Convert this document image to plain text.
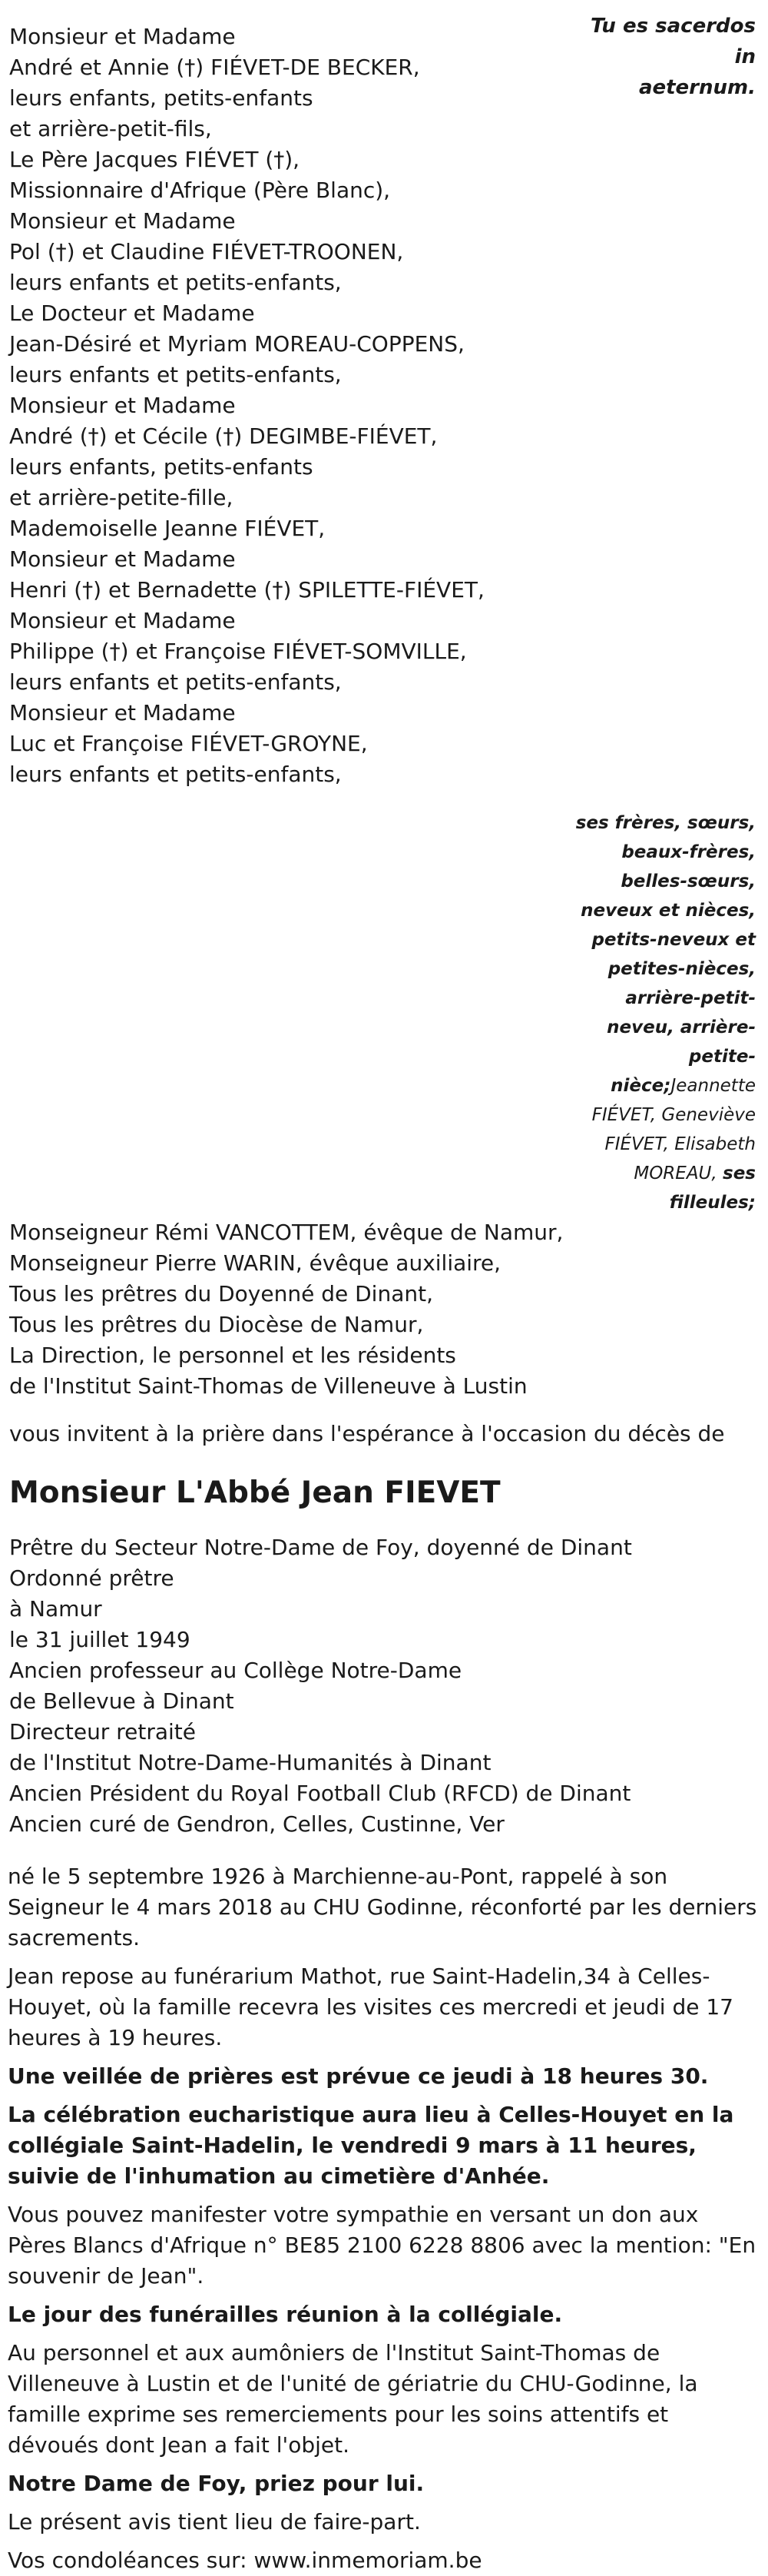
Tu es sacerdos in
aeternum.
Monsieur et Madame
André et Annie (†) FIÉVET-DE BECKER,
leurs enfants, petits-enfants
et arrière-petit-fils,
Le Père Jacques FIÉVET (†),
Missionnaire d'Afrique (Père Blanc),
Monsieur et Madame
Pol (†) et Claudine FIÉVET-TROONEN,
leurs enfants et petits-enfants,
Le Docteur et Madame
Jean-Désiré et Myriam MOREAU-COPPENS,
leurs enfants et petits-enfants,
Monsieur et Madame
André (†) et Cécile (†) DEGIMBE-FIÉVET,
leurs enfants, petits-enfants
et arrière-petite-fille,
Mademoiselle Jeanne FIÉVET,
Monsieur et Madame
Henri (†) et Bernadette (†) SPILETTE-FIÉVET,
Monsieur et Madame
Philippe (†) et Françoise FIÉVET-SOMVILLE,
leurs enfants et petits-enfants,
Monsieur et Madame
Luc et Françoise FIÉVET-GROYNE,
leurs enfants et petits-enfants,
ses frères, sœurs, beaux-frères, belles-sœurs, neveux et nièces, petits-neveux et petites-nièces, arrière-petit-neveu, arrière-petite-nièce;Jeannette FIÉVET, Geneviève FIÉVET, Elisabeth MOREAU, ses filleules;
Monseigneur Rémi VANCOTTEM, évêque de Namur,
Monseigneur Pierre WARIN, évêque auxiliaire,
Tous les prêtres du Doyenné de Dinant,
Tous les prêtres du Diocèse de Namur,
La Direction, le personnel et les résidents
de l'Institut Saint-Thomas de Villeneuve à Lustin
vous invitent à la prière dans l'espérance à l'occasion du décès de
Monsieur L'Abbé Jean FIEVET
Prêtre du Secteur Notre-Dame de Foy, doyenné de Dinant
Ordonné prêtre
à Namur
le 31 juillet 1949
Ancien professeur au Collège Notre-Dame
de Bellevue à Dinant
Directeur retraité
de l'Institut Notre-Dame-Humanités à Dinant
Ancien Président du Royal Football Club (RFCD) de Dinant
Ancien curé de Gendron, Celles, Custinne, Ver

né le 5 septembre 1926 à Marchienne-au-Pont, rappelé à son Seigneur le 4 mars 2018 au CHU Godinne, réconforté par les derniers sacrements.

Jean repose au funérarium Mathot, rue Saint-Hadelin,34 à Celles-Houyet, où la famille recevra les visites ces mercredi et jeudi de 17 heures à 19 heures.

Une veillée de prières est prévue ce jeudi à 18 heures 30.

La célébration eucharistique aura lieu à Celles-Houyet en la collégiale Saint-Hadelin, le vendredi 9 mars à 11 heures, suivie de l'inhumation au cimetière d'Anhée.

Vous pouvez manifester votre sympathie en versant un don aux Pères Blancs d'Afrique n° BE85 2100 6228 8806 avec la mention: "En souvenir de Jean".

Le jour des funérailles réunion à la collégiale.

Au personnel et aux aumôniers de l'Institut Saint-Thomas de Villeneuve à Lustin et de l'unité de gériatrie du CHU-Godinne, la famille exprime ses remerciements pour les soins attentifs et dévoués dont Jean a fait l'objet.

Notre Dame de Foy, priez pour lui.

Le présent avis tient lieu de faire-part.

Vos condoléances sur: www.inmemoriam.be
